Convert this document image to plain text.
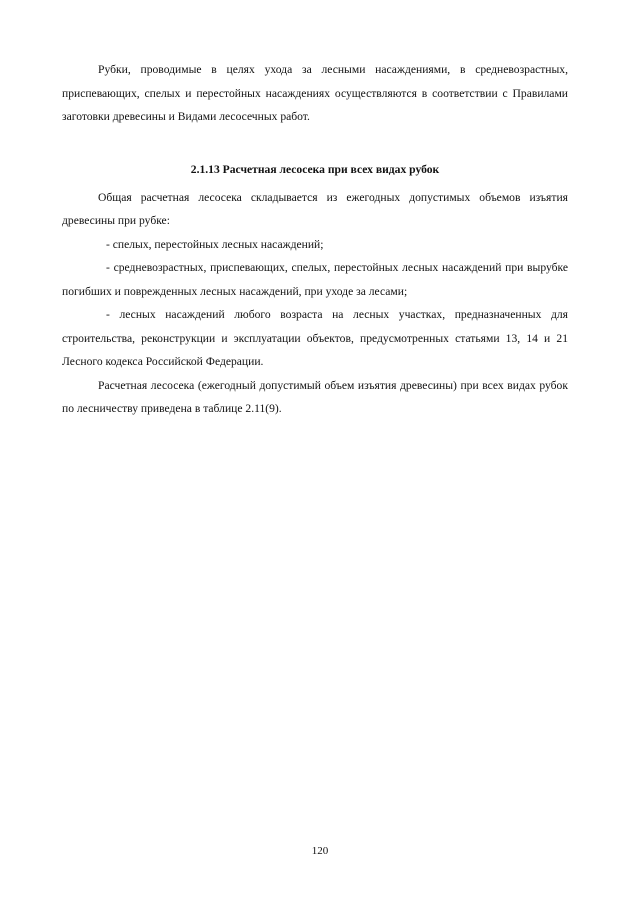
Рубки, проводимые в целях ухода за лесными насаждениями, в средневозрастных, приспевающих, спелых и перестойных насаждениях осуществляются в соответствии с Правилами заготовки древесины и Видами лесосечных работ.

2.1.13 Расчетная лесосека при всех видах рубок

Общая расчетная лесосека складывается из ежегодных допустимых объемов изъятия древесины при рубке:

- спелых, перестойных лесных насаждений;

- средневозрастных, приспевающих, спелых, перестойных лесных насаждений при вырубке погибших и поврежденных лесных насаждений, при уходе за лесами;

- лесных насаждений любого возраста на лесных участках, предназначенных для строительства, реконструкции и эксплуатации объектов, предусмотренных статьями 13, 14 и 21 Лесного кодекса Российской Федерации.

Расчетная лесосека (ежегодный допустимый объем изъятия древесины) при всех видах рубок по лесничеству приведена в таблице 2.11(9).

120
